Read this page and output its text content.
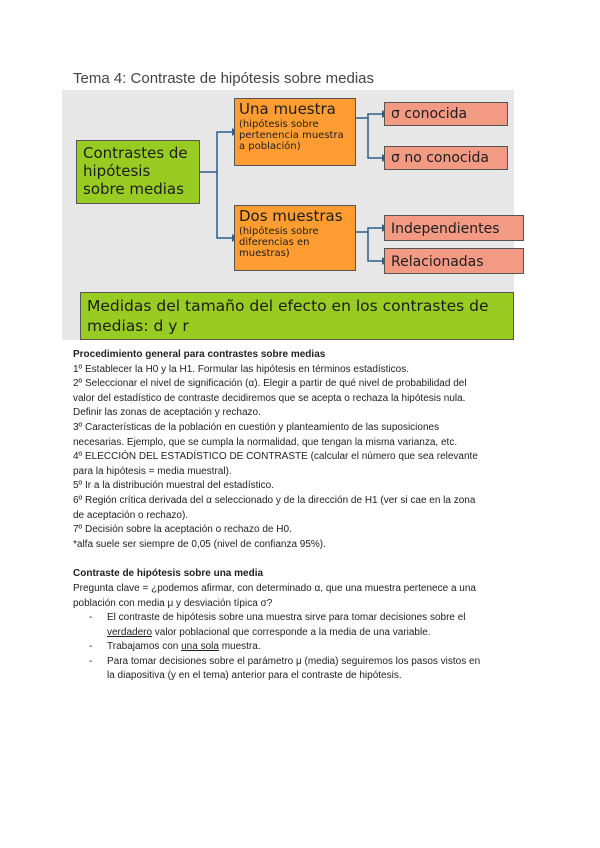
Tema 4: Contraste de hipótesis sobre medias
Contrastes de hipótesis sobre medias
Una muestra
(hipótesis sobre pertenencia muestra a población)
Dos muestras
(hipótesis sobre diferencias en muestras)
σ conocida
σ no conocida
Independientes
Relacionadas
Medidas del tamaño del efecto en los contrastes de medias: d y r

Procedimiento general para contrastes sobre medias

1º Establecer la H0 y la H1. Formular las hipótesis en términos estadísticos.

2º Seleccionar el nivel de significación (α). Elegir a partir de qué nivel de probabilidad del

valor del estadístico de contraste decidiremos que se acepta o rechaza la hipótesis nula.

Definir las zonas de aceptación y rechazo.

3º Características de la población en cuestión y planteamiento de las suposiciones

necesarias. Ejemplo, que se cumpla la normalidad, que tengan la misma varianza, etc.

4º ELECCIÓN DEL ESTADÍSTICO DE CONTRASTE (calcular el número que sea relevante

para la hipótesis = media muestral).

5º Ir a la distribución muestral del estadístico.

6º Región crítica derivada del α seleccionado y de la dirección de H1 (ver si cae en la zona

de aceptación o rechazo).

7º Decisión sobre la aceptación o rechazo de H0.

*alfa suele ser siempre de 0,05 (nivel de confianza 95%).

Contraste de hipótesis sobre una media

Pregunta clave = ¿podemos afirmar, con determinado α, que una muestra pertenece a una

población con media μ y desviación típica σ?

- El contraste de hipótesis sobre una muestra sirve para tomar decisiones sobre el
verdadero valor poblacional que corresponde a la media de una variable.
- Trabajamos con una sola muestra.
- Para tomar decisiones sobre el parámetro μ (media) seguiremos los pasos vistos en
la diapositiva (y en el tema) anterior para el contraste de hipótesis.
